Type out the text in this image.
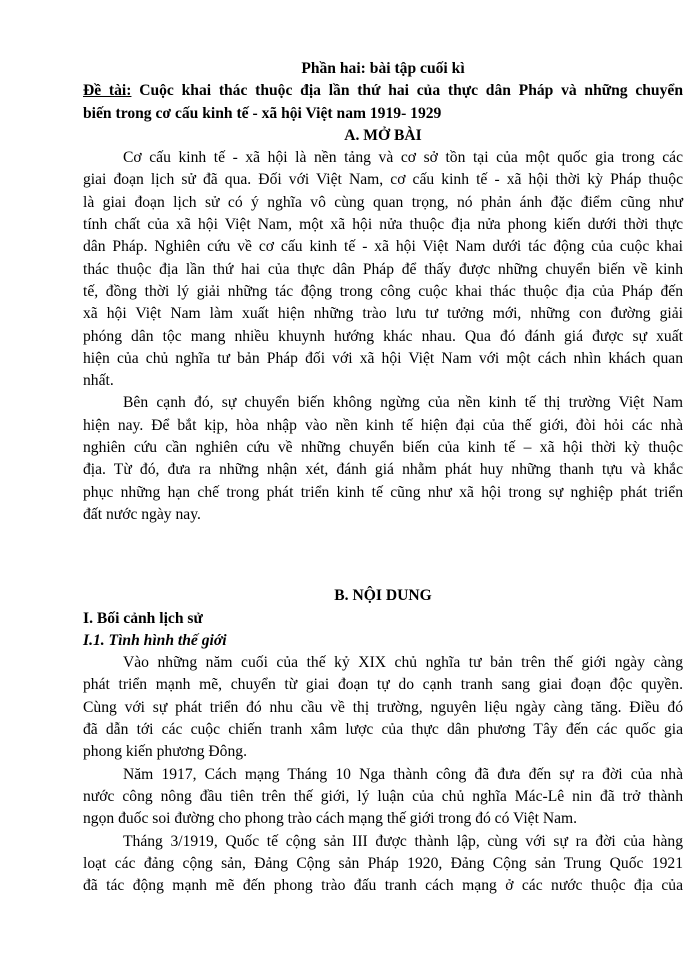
Phần hai: bài tập cuối kì
Đề tài: Cuộc khai thác thuộc địa lần thứ hai của thực dân Pháp và những chuyển
biến trong cơ cấu kinh tế - xã hội Việt nam 1919- 1929
A. MỞ BÀI
Cơ cấu kinh tế - xã hội là nền tảng và cơ sở tồn tại của một quốc gia trong các
giai đoạn lịch sử đã qua. Đối với Việt Nam, cơ cấu kinh tế - xã hội thời kỳ Pháp thuộc
là giai đoạn lịch sử có ý nghĩa vô cùng quan trọng, nó phản ánh đặc điểm cũng như
tính chất của xã hội Việt Nam, một xã hội nửa thuộc địa nửa phong kiến dưới thời thực
dân Pháp. Nghiên cứu về cơ cấu kinh tế - xã hội Việt Nam dưới tác động của cuộc khai
thác thuộc địa lần thứ hai của thực dân Pháp để thấy được những chuyển biến về kinh
tế, đồng thời lý giải những tác động trong công cuộc khai thác thuộc địa của Pháp đến
xã hội Việt Nam làm xuất hiện những trào lưu tư tưởng mới, những con đường giải
phóng dân tộc mang nhiều khuynh hướng khác nhau. Qua đó đánh giá được sự xuất
hiện của chủ nghĩa tư bản Pháp đối với xã hội Việt Nam với một cách nhìn khách quan
nhất.
Bên cạnh đó, sự chuyển biến không ngừng của nền kinh tế thị trường Việt Nam
hiện nay. Để bắt kịp, hòa nhập vào nền kinh tế hiện đại của thế giới, đòi hỏi các nhà
nghiên cứu cần nghiên cứu về những chuyển biến của kinh tế – xã hội thời kỳ thuộc
địa. Từ đó, đưa ra những nhận xét, đánh giá nhằm phát huy những thanh tựu và khắc
phục những hạn chế trong phát triển kinh tế cũng như xã hội trong sự nghiệp phát triển
đất nước ngày nay.
B. NỘI DUNG
I. Bối cảnh lịch sử
I.1. Tình hình thế giới
Vào những năm cuối của thế kỷ XIX chủ nghĩa tư bản trên thế giới ngày càng
phát triển mạnh mẽ, chuyển từ giai đoạn tự do cạnh tranh sang giai đoạn độc quyền.
Cùng với sự phát triển đó nhu cầu về thị trường, nguyên liệu ngày càng tăng. Điều đó
đã dẫn tới các cuộc chiến tranh xâm lược của thực dân phương Tây đến các quốc gia
phong kiến phương Đông.
Năm 1917, Cách mạng Tháng 10 Nga thành công đã đưa đến sự ra đời của nhà
nước công nông đầu tiên trên thế giới, lý luận của chủ nghĩa Mác-Lê nin đã trở thành
ngọn đuốc soi đường cho phong trào cách mạng thế giới trong đó có Việt Nam.
Tháng 3/1919, Quốc tế cộng sản III được thành lập, cùng với sự ra đời của hàng
loạt các đảng cộng sản, Đảng Cộng sản Pháp 1920, Đảng Cộng sản Trung Quốc 1921
đã tác động mạnh mẽ đến phong trào đấu tranh cách mạng ở các nước thuộc địa của
